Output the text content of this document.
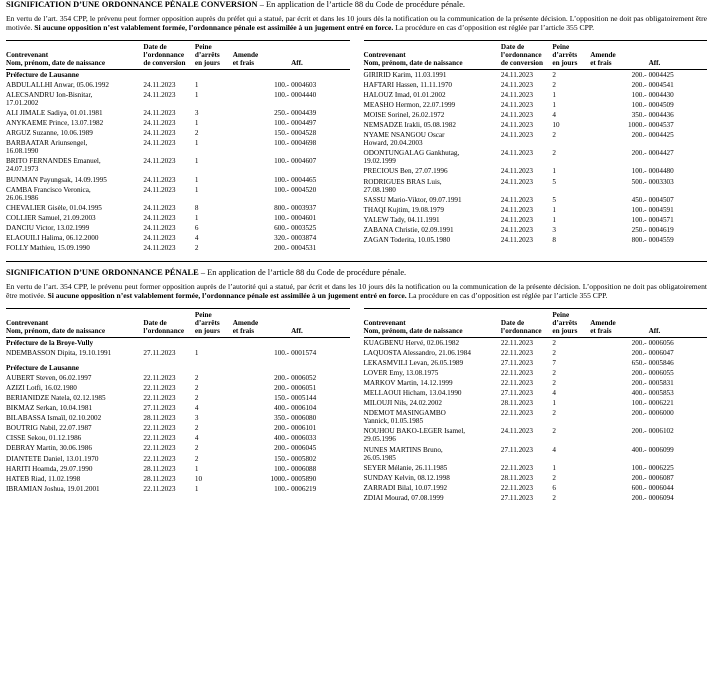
SIGNIFICATION D’UNE ORDONNANCE PÉNALE CONVERSION – En application de l’article 88 du Code de procédure pénale.
En vertu de l’art. 354 CPP, le prévenu peut former opposition auprès du préfet qui a statué, par écrit et dans les 10 jours dès la notification ou la communication de la présente décision. L’opposition ne doit pas obligatoirement être motivée. Si aucune opposition n’est valablement formée, l’ordonnance pénale est assimilée à un jugement entré en force. La procédure en cas d’opposition est réglée par l’article 355 CPP.
Contrevenant
Nom, prénom, date de naissance

Date de
l’ordonnance
de conversion

Peine
d’arrêts
en jours

Amende
et frais	Aff.
Préfecture de Lausanne				
ABDULALLHI Anwar, 05.06.1992	24.11.2023	1	100.-	0004603
ALECSANDRU Ion-Bisnitar,
17.01.2002	24.11.2023	1	100.-	0004440
ALI JIMALE Sadiya, 01.01.1981	24.11.2023	3	250.-	0004439
ANYKAEME Prince, 13.07.1982	24.11.2023	1	100.-	0004497
ARGUZ Suzanne, 10.06.1989	24.11.2023	2	150.-	0004528
BARBAATAR Ariunsengel,
16.08.1990	24.11.2023	1	100.-	0004698
BRITO FERNANDES Emanuel,
24.07.1973	24.11.2023	1	100.-	0004607
BUNMAN Payungsak, 14.09.1995	24.11.2023	1	100.-	0004465
CAMBA Francisco Veronica,
26.06.1986	24.11.2023	1	100.-	0004520
CHEVALIER Gisèle, 01.04.1995	24.11.2023	8	800.-	0003937
COLLIER Samuel, 21.09.2003	24.11.2023	1	100.-	0004601
DANCIU Victor, 13.02.1999	24.11.2023	6	600.-	0003525
ELAOUILI Halima, 06.12.2000	24.11.2023	4	320.-	0003874
FOLLY Mathieu, 15.09.1990	24.11.2023	2	200.-	0004531
Contrevenant
Nom, prénom, date de naissance

Date de
l’ordonnance
de conversion

Peine
d’arrêts
en jours

Amende
et frais	Aff.
GIRIRID Karim, 11.03.1991	24.11.2023	2	200.-	0004425
HAFTARI Hassen, 11.11.1970	24.11.2023	2	200.-	0004541
HALOUZ Imad, 01.01.2002	24.11.2023	1	100.-	0004430
MEASHO Hermon, 22.07.1999	24.11.2023	1	100.-	0004509
MOISE Sorinel, 26.02.1972	24.11.2023	4	350.-	0004436
NEMSADZE Irakli, 05.08.1982	24.11.2023	10	1000.-	0004537
NYAME NSANGOU Oscar
Howard, 20.04.2003	24.11.2023	2	200.-	0004425
ODONTUNGALAG Gankhutag,
19.02.1999	24.11.2023	2	200.-	0004427
PRECIOUS Ben, 27.07.1996	24.11.2023	1	100.-	0004480
RODRIGUES BRAS Luis,
27.08.1980	24.11.2023	5	500.-	0003303
SASSU Mario-Viktor, 09.07.1991	24.11.2023	5	450.-	0004507
THAQI Kujtim, 19.08.1979	24.11.2023	1	100.-	0004591
YALEW Tady, 04.11.1991	24.11.2023	1	100.-	0004571
ZABANA Christie, 02.09.1991	24.11.2023	3	250.-	0004619
ZAGAN Toderita, 10.05.1980	24.11.2023	8	800.-	0004559
SIGNIFICATION D’UNE ORDONNANCE PÉNALE – En application de l’article 88 du Code de procédure pénale.
En vertu de l’art. 354 CPP, le prévenu peut former opposition auprès de l’autorité qui a statué, par écrit et dans les 10 jours dès la notification ou la communication de la présente décision. L’opposition ne doit pas obligatoirement être motivée. Si aucune opposition n’est valablement formée, l’ordonnance pénale est assimilée à un jugement entré en force. La procédure en cas d’opposition est réglée par l’article 355 CPP.
Contrevenant
Nom, prénom, date de naissance

Date de
l’ordonnance

Peine
d’arrêts
en jours

Amende
et frais	Aff.
Préfecture de la Broye-Vully				
NDEMBASSON Dipita, 19.10.1991	27.11.2023	1	100.-	0001574

Préfecture de Lausanne				
AUBERT Steven, 06.02.1997	22.11.2023	2	200.-	0006052
AZIZI Lotfi, 16.02.1980	22.11.2023	2	200.-	0006051
BERIANIDZE Natela, 02.12.1985	22.11.2023	2	150.-	0005144
BIKMAZ Serkan, 10.04.1981	27.11.2023	4	400.-	0006104
BILABASSA Ismaïl, 02.10.2002	28.11.2023	3	350.-	0006080
BOUTRIG Nabil, 22.07.1987	22.11.2023	2	200.-	0006101
CISSE Sekou, 01.12.1986	22.11.2023	4	400.-	0006033
DEBRAY Martin, 30.06.1986	22.11.2023	2	200.-	0006045
DIANTETE Daniel, 13.01.1970	22.11.2023	2	150.-	0005802
HARITI Hoamda, 29.07.1990	28.11.2023	1	100.-	0006088
HATEB Riad, 11.02.1998	28.11.2023	10	1000.-	0005890
IBRAMIAN Joshua, 19.01.2001	22.11.2023	1	100.-	0006219
Contrevenant
Nom, prénom, date de naissance

Date de
l’ordonnance

Peine
d’arrêts
en jours

Amende
et frais	Aff.
KUAGBENU Hervé, 02.06.1982	22.11.2023	2	200.-	0006056
LAQUOSTA Alessandro, 21.06.1984	22.11.2023	2	200.-	0006047
LEKASMVILI Levan, 26.05.1989	27.11.2023	7	650.-	0005846
LOVER Emy, 13.08.1975	22.11.2023	2	200.-	0006055
MARKOV Martin, 14.12.1999	22.11.2023	2	200.-	0005831
MELLAOUI Hicham, 13.04.1990	27.11.2023	4	400.-	0005853
MILOUJI Nils, 24.02.2002	28.11.2023	1	100.-	0006221
NDEMOT MASINGAMBO
Yannick, 01.05.1985	22.11.2023	2	200.-	0006000
NOUHOU BAKO-LEGER Isamel,
29.05.1996	24.11.2023	2	200.-	0006102
NUNES MARTINS Bruno,
26.05.1985	27.11.2023	4	400.-	0006099
SEYER Mélanie, 26.11.1985	22.11.2023	1	100.-	0006225
SUNDAY Kelvin, 08.12.1998	28.11.2023	2	200.-	0006087
ZARRADI Bilal, 10.07.1992	22.11.2023	6	600.-	0006044
ZDIAI Mourad, 07.08.1999	27.11.2023	2	200.-	0006094
